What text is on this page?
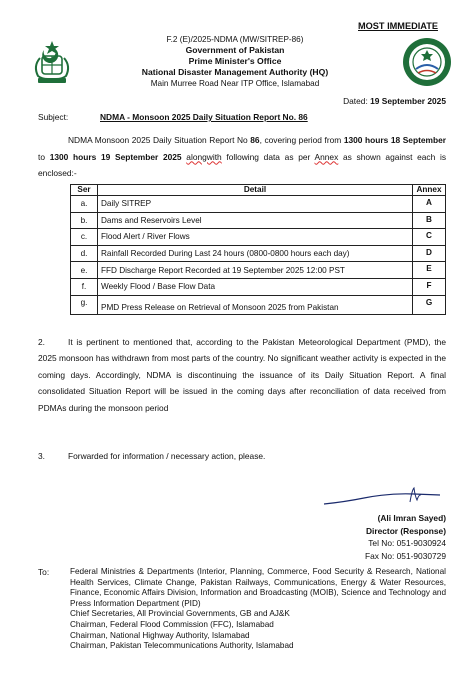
MOST IMMEDIATE
F.2 (E)/2025-NDMA (MW/SITREP-86)
Government of Pakistan
Prime Minister's Office
National Disaster Management Authority (HQ)
Main Murree Road Near ITP Office, Islamabad
Dated: 19 September 2025
Subject:	NDMA - Monsoon 2025 Daily Situation Report No. 86
NDMA Monsoon 2025 Daily Situation Report No 86, covering period from 1300 hours 18 September to 1300 hours 19 September 2025 alongwith following data as per Annex as shown against each is enclosed:-
Ser	Detail	Annex
a.	Daily SITREP	A
b.	Dams and Reservoirs Level	B
c.	Flood Alert / River Flows	C
d.	Rainfall Recorded During Last 24 hours (0800-0800 hours each day)	D
e.	FFD Discharge Report Recorded at 19 September 2025 12:00 PST	E
f.	Weekly Flood / Base Flow Data	F
g.	PMD Press Release on Retrieval of Monsoon 2025 from Pakistan	G
2.	It is pertinent to mentioned that, according to the Pakistan Meteorological Department (PMD), the 2025 monsoon has withdrawn from most parts of the country. No significant weather activity is expected in the coming days. Accordingly, NDMA is discontinuing the issuance of its Daily Situation Report. A final consolidated Situation Report will be issued in the coming days after reconciliation of data received from PDMAs during the monsoon period
3.	Forwarded for information / necessary action, please.
(Ali Imran Sayed)
Director (Response)
Tel No: 051-9030924
Fax No: 051-9030729
To:	Federal Ministries & Departments (Interior, Planning, Commerce, Food Security & Research, National Health Services, Climate Change, Pakistan Railways, Communications, Energy & Water Resources, Finance, Economic Affairs Division, Information and Broadcasting (MOIB), Science and Technology and Press Information Department (PID)
Chief Secretaries, All Provincial Governments, GB and AJ&K
Chairman, Federal Flood Commission (FFC), Islamabad
Chairman, National Highway Authority, Islamabad
Chairman, Pakistan Telecommunications Authority, Islamabad
